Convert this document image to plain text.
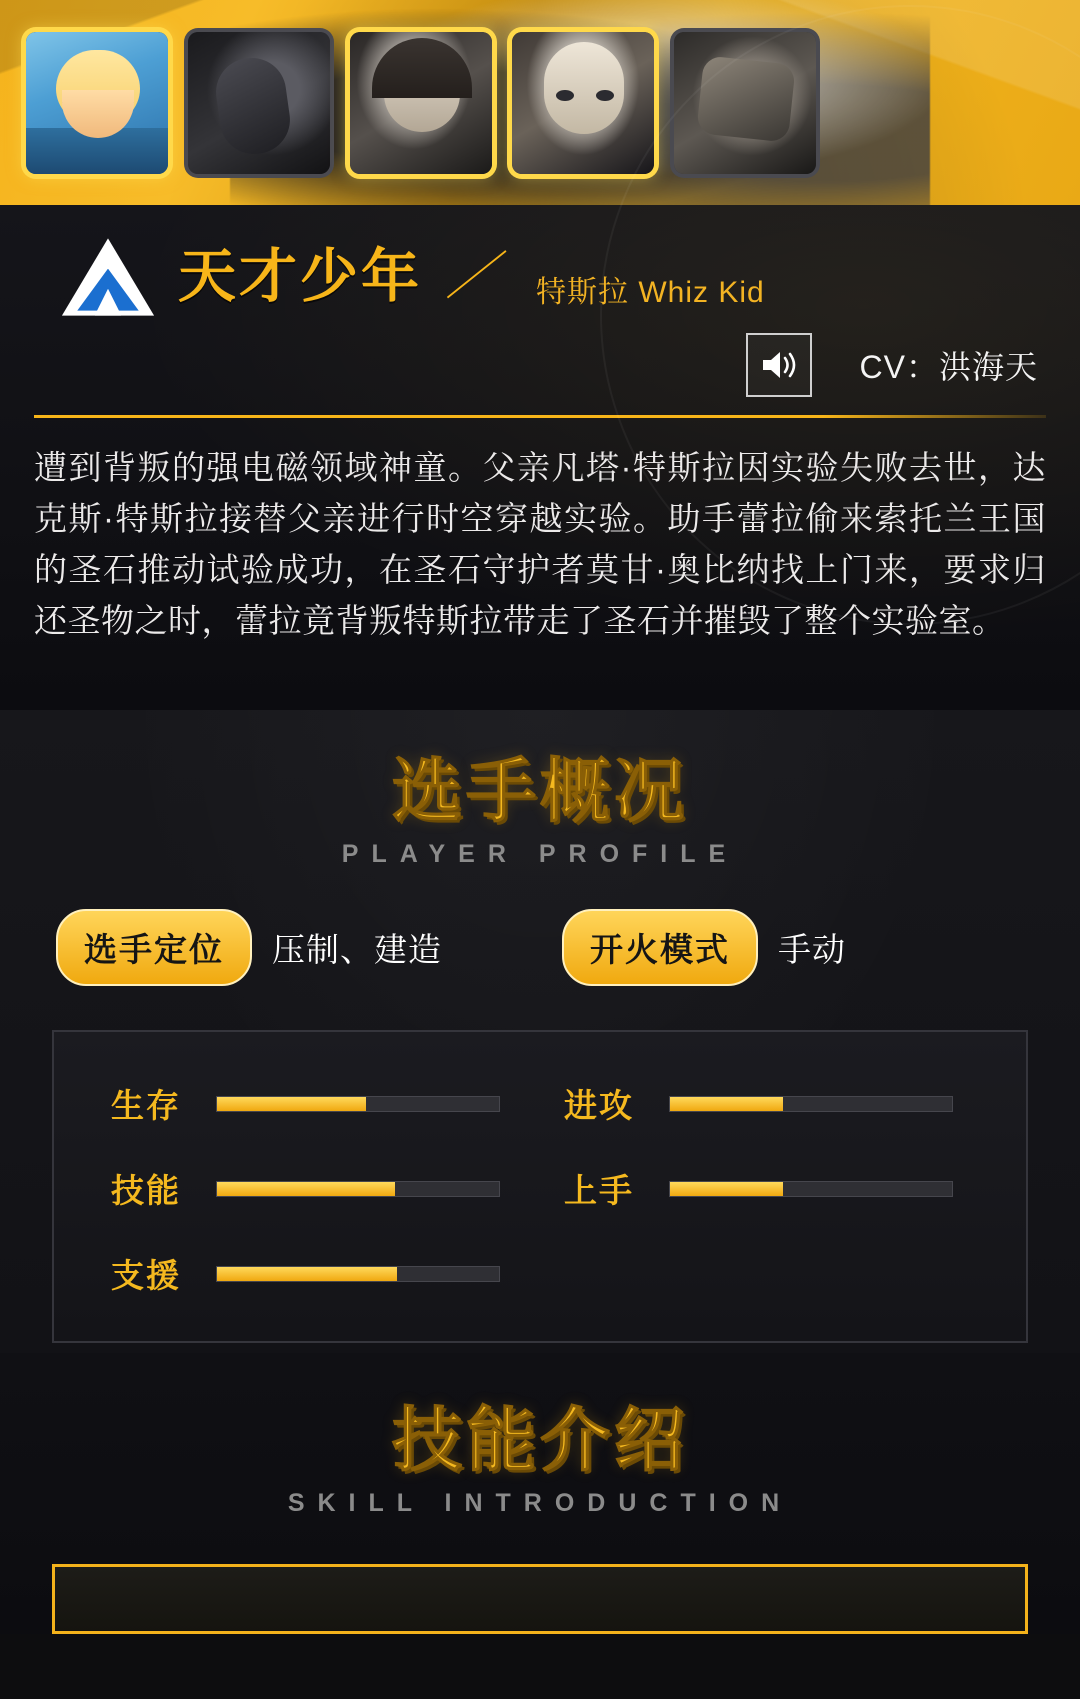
天才少年 ／ 特斯拉 Whiz Kid
CV：洪海天
遭到背叛的强电磁领域神童。父亲凡塔·特斯拉因实验失败去世，达克斯·特斯拉接替父亲进行时空穿越实验。助手蕾拉偷来索托兰王国的圣石推动试验成功，在圣石守护者莫甘·奥比纳找上门来，要求归还圣物之时，蕾拉竟背叛特斯拉带走了圣石并摧毁了整个实验室。
选手概况
PLAYER PROFILE
选手定位	压制、建造	开火模式	手动
生存	进攻
技能	上手
支援
技能介绍
SKILL INTRODUCTION
